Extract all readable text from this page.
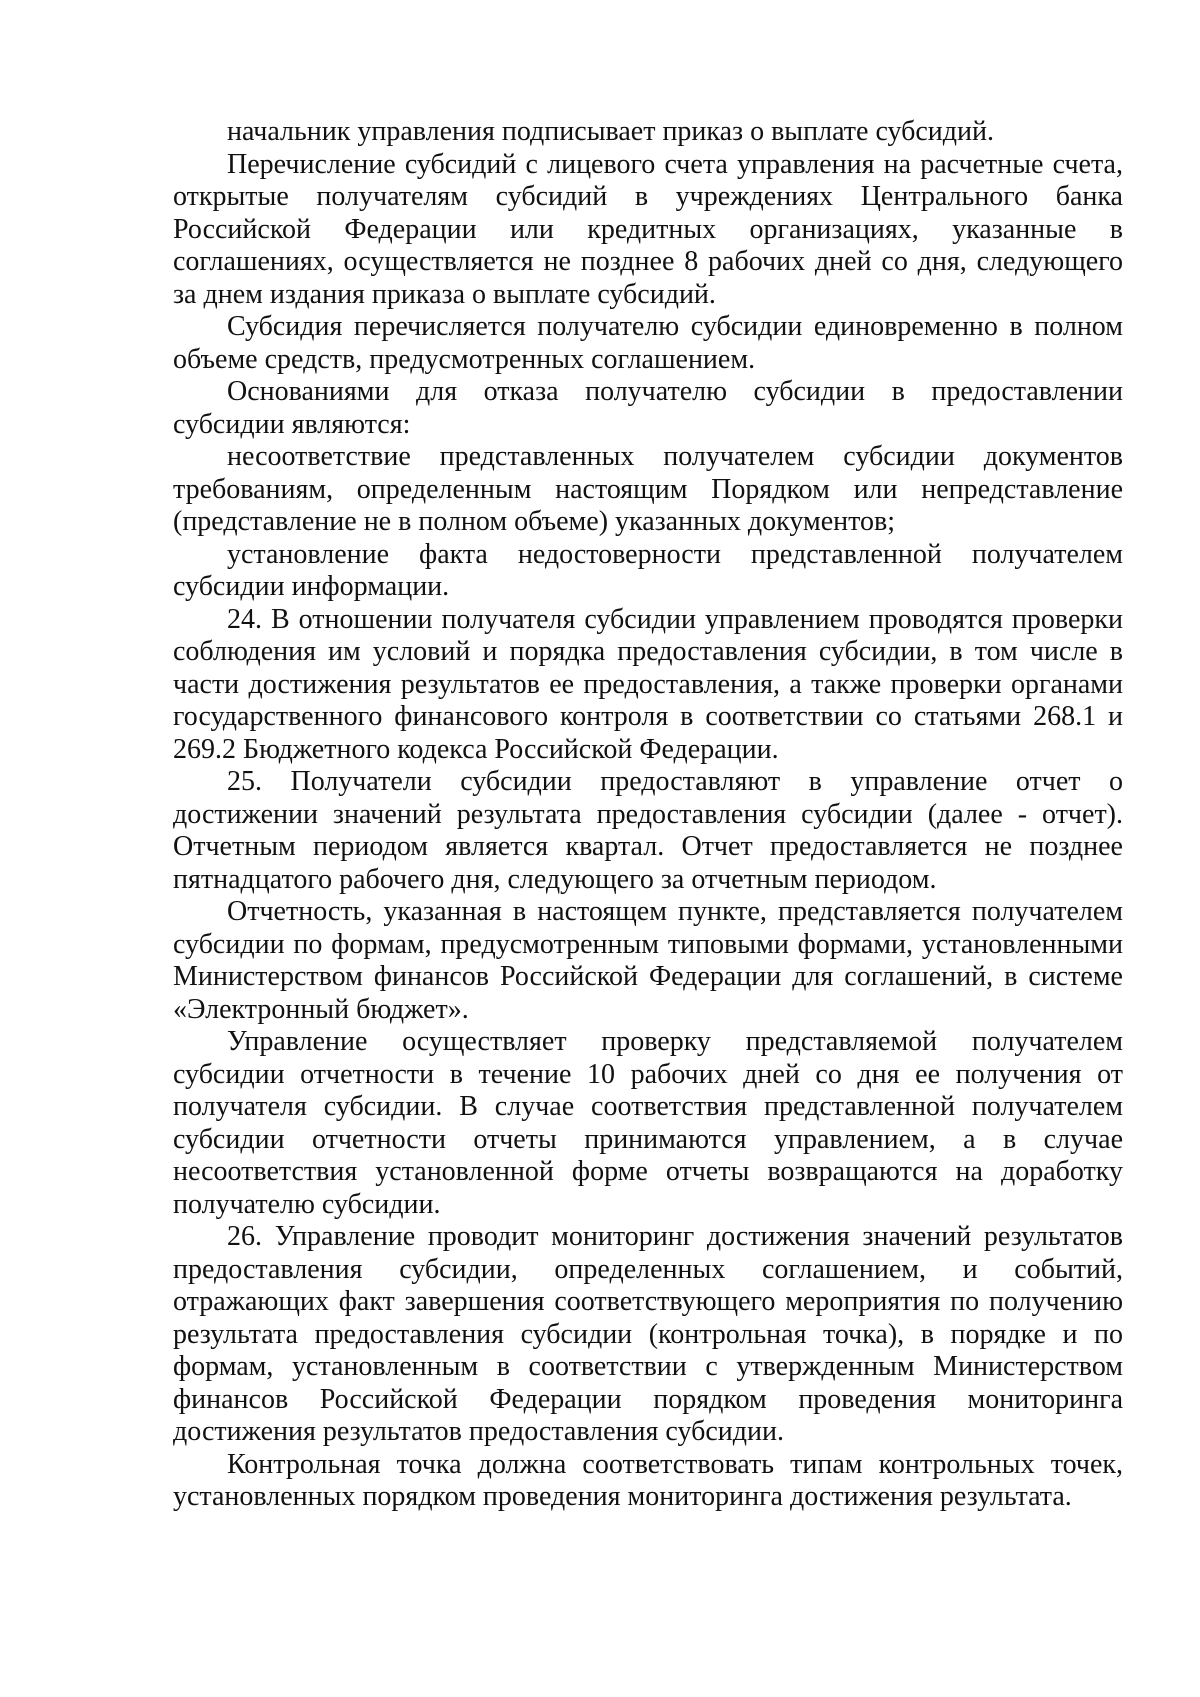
начальник управления подписывает приказ о выплате субсидий.

Перечисление субсидий с лицевого счета управления на расчетные счета, открытые получателям субсидий в учреждениях Центрального банка Российской Федерации или кредитных организациях, указанные в соглашениях, осуществляется не позднее 8 рабочих дней со дня, следующего за днем издания приказа о выплате субсидий.

Субсидия перечисляется получателю субсидии единовременно в полном объеме средств, предусмотренных соглашением.

Основаниями для отказа получателю субсидии в предоставлении субсидии являются:

несоответствие представленных получателем субсидии документов требованиям, определенным настоящим Порядком или непредставление (представление не в полном объеме) указанных документов;

установление факта недостоверности представленной получателем субсидии информации.

24. В отношении получателя субсидии управлением проводятся проверки соблюдения им условий и порядка предоставления субсидии, в том числе в части достижения результатов ее предоставления, а также проверки органами государственного финансового контроля в соответствии со статьями 268.1 и 269.2 Бюджетного кодекса Российской Федерации.

25. Получатели субсидии предоставляют в управление отчет о достижении значений результата предоставления субсидии (далее - отчет). Отчетным периодом является квартал. Отчет предоставляется не позднее пятнадцатого рабочего дня, следующего за отчетным периодом.

Отчетность, указанная в настоящем пункте, представляется получателем субсидии по формам, предусмотренным типовыми формами, установленными Министерством финансов Российской Федерации для соглашений, в системе «Электронный бюджет».

Управление осуществляет проверку представляемой получателем субсидии отчетности в течение 10 рабочих дней со дня ее получения от получателя субсидии. В случае соответствия представленной получателем субсидии отчетности отчеты принимаются управлением, а в случае несоответствия установленной форме отчеты возвращаются на доработку получателю субсидии.

26. Управление проводит мониторинг достижения значений результатов предоставления субсидии, определенных соглашением, и событий, отражающих факт завершения соответствующего мероприятия по получению результата предоставления субсидии (контрольная точка), в порядке и по формам, установленным в соответствии с утвержденным Министерством финансов Российской Федерации порядком проведения мониторинга достижения результатов предоставления субсидии.

Контрольная точка должна соответствовать типам контрольных точек, установленных порядком проведения мониторинга достижения результата.
